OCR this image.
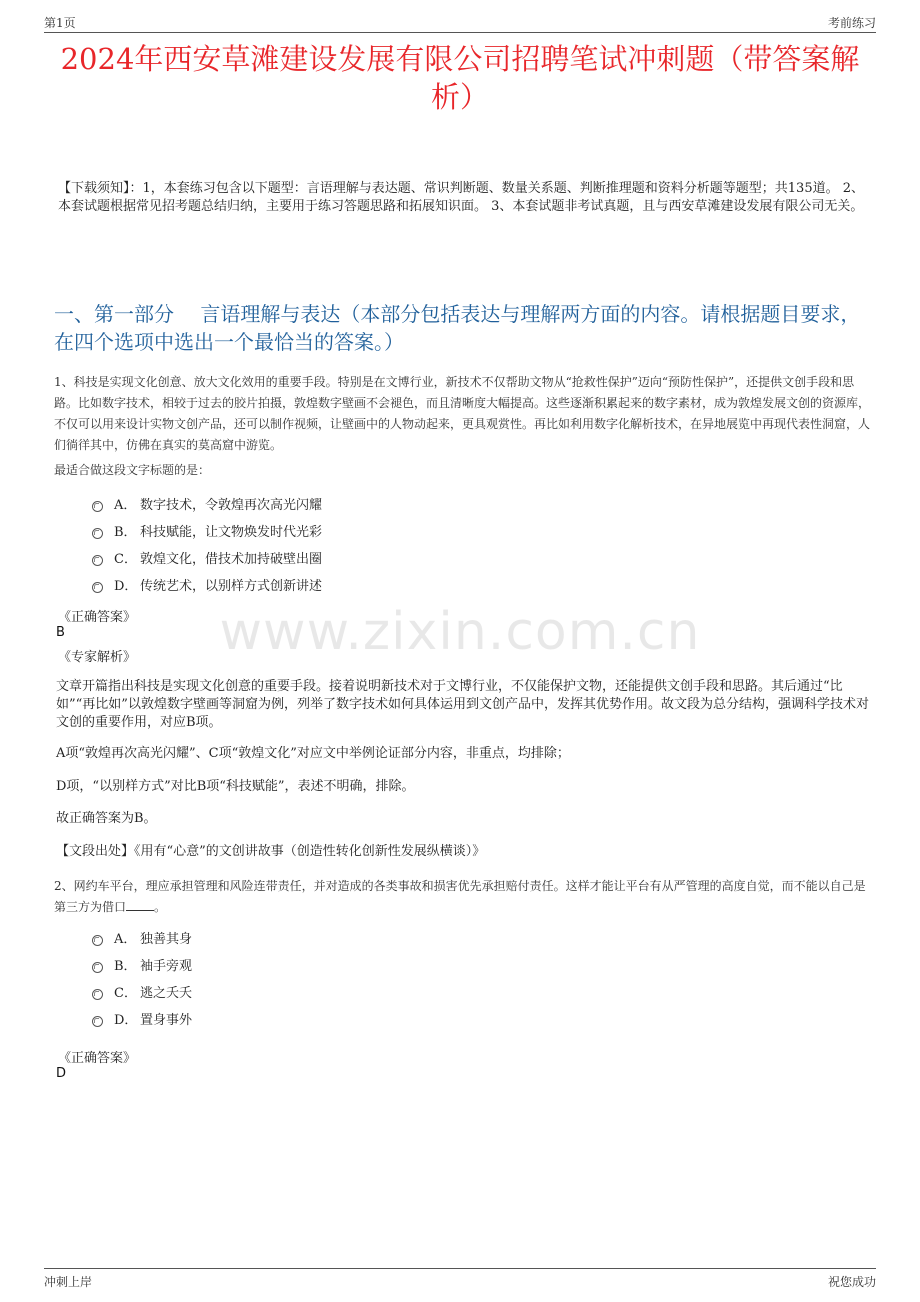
第1页	考前练习
2024年西安草滩建设发展有限公司招聘笔试冲刺题（带答案解析）
【下载须知】：1，本套练习包含以下题型：言语理解与表达题、常识判断题、数量关系题、判断推理题和资料分析题等题型；共135道。 2、本套试题根据常见招考题总结归纳，主要用于练习答题思路和拓展知识面。 3、本套试题非考试真题，且与西安草滩建设发展有限公司无关。
一、第一部分　 言语理解与表达（本部分包括表达与理解两方面的内容。请根据题目要求，在四个选项中选出一个最恰当的答案。）
1、科技是实现文化创意、放大文化效用的重要手段。特别是在文博行业，新技术不仅帮助文物从“抢救性保护”迈向“预防性保护”，还提供文创手段和思路。比如数字技术，相较于过去的胶片拍摄，敦煌数字壁画不会褪色，而且清晰度大幅提高。这些逐渐积累起来的数字素材，成为敦煌发展文创的资源库，不仅可以用来设计实物文创产品，还可以制作视频，让壁画中的人物动起来，更具观赏性。再比如利用数字化解析技术，在异地展览中再现代表性洞窟，人们徜徉其中，仿佛在真实的莫高窟中游览。
最适合做这段文字标题的是：
A． 数字技术，令敦煌再次高光闪耀
B． 科技赋能，让文物焕发时代光彩
C． 敦煌文化，借技术加持破壁出圈
D． 传统艺术，以别样方式创新讲述
《正确答案》
B
《专家解析》	www.zixin.com.cn
文章开篇指出科技是实现文化创意的重要手段。接着说明新技术对于文博行业，不仅能保护文物，还能提供文创手段和思路。其后通过“比如”“再比如”以敦煌数字壁画等洞窟为例，列举了数字技术如何具体运用到文创产品中，发挥其优势作用。故文段为总分结构，强调科学技术对文创的重要作用，对应B项。
A项“敦煌再次高光闪耀”、C项“敦煌文化”对应文中举例论证部分内容，非重点，均排除；
D项，“以别样方式”对比B项“科技赋能”，表述不明确，排除。
故正确答案为B。
【文段出处】《用有“心意”的文创讲故事（创造性转化创新性发展纵横谈）》
2、网约车平台，理应承担管理和风险连带责任，并对造成的各类事故和损害优先承担赔付责任。这样才能让平台有从严管理的高度自觉，而不能以自己是第三方为借口 。
A． 独善其身
B． 袖手旁观
C． 逃之夭夭
D． 置身事外
《正确答案》
D
冲刺上岸	祝您成功
